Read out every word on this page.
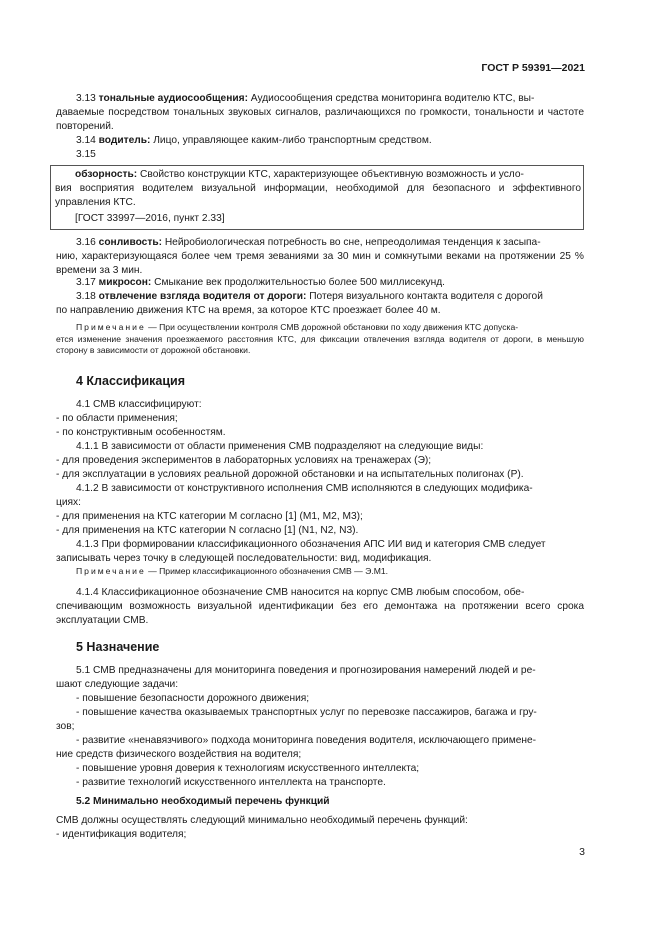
ГОСТ Р 59391—2021

3.13 тональные аудиосообщения: Аудиосообщения средства мониторинга водителю КТС, вы-

даваемые посредством тональных звуковых сигналов, различающихся по громкости, тональности и частоте повторений.

3.14 водитель: Лицо, управляющее каким-либо транспортным средством.

3.15

обзорность: Свойство конструкции КТС, характеризующее объективную возможность и усло-

вия восприятия водителем визуальной информации, необходимой для безопасного и эффективного управления КТС.

[ГОСТ 33997—2016, пункт 2.33]

3.16 сонливость: Нейробиологическая потребность во сне, непреодолимая тенденция к засыпа-

нию, характеризующаяся более чем тремя зеваниями за 30 мин и сомкнутыми веками на протяжении 25 % времени за 3 мин.

3.17 микросон: Смыкание век продолжительностью более 500 миллисекунд.

3.18 отвлечение взгляда водителя от дороги: Потеря визуального контакта водителя с дорогой

по направлению движения КТС на время, за которое КТС проезжает более 40 м.

Примечание — При осуществлении контроля СМВ дорожной обстановки по ходу движения КТС допуска-

ется изменение значения проезжаемого расстояния КТС, для фиксации отвлечения взгляда водителя от дороги, в меньшую сторону в зависимости от дорожной обстановки.

4 Классификация

4.1 СМВ классифицируют:

- по области применения;

- по конструктивным особенностям.

4.1.1 В зависимости от области применения СМВ подразделяют на следующие виды:

- для проведения экспериментов в лабораторных условиях на тренажерах (Э);

- для эксплуатации в условиях реальной дорожной обстановки и на испытательных полигонах (Р).

4.1.2 В зависимости от конструктивного исполнения СМВ исполняются в следующих модифика-

циях:

- для применения на КТС категории М согласно [1] (М1, М2, М3);

- для применения на КТС категории N согласно [1] (N1, N2, N3).

4.1.3 При формировании классификационного обозначения АПС ИИ вид и категория СМВ следует

записывать через точку в следующей последовательности: вид, модификация.

Примечание — Пример классификационного обозначения СМВ — Э.М1.

4.1.4 Классификационное обозначение СМВ наносится на корпус СМВ любым способом, обе-

спечивающим возможность визуальной идентификации без его демонтажа на протяжении всего срока эксплуатации СМВ.

5 Назначение

5.1 СМВ предназначены для мониторинга поведения и прогнозирования намерений людей и ре-

шают следующие задачи:

- повышение безопасности дорожного движения;

- повышение качества оказываемых транспортных услуг по перевозке пассажиров, багажа и гру-

зов;

- развитие «ненавязчивого» подхода мониторинга поведения водителя, исключающего примене-

ние средств физического воздействия на водителя;

- повышение уровня доверия к технологиям искусственного интеллекта;

- развитие технологий искусственного интеллекта на транспорте.

5.2 Минимально необходимый перечень функций

СМВ должны осуществлять следующий минимально необходимый перечень функций:

- идентификация водителя;

3
